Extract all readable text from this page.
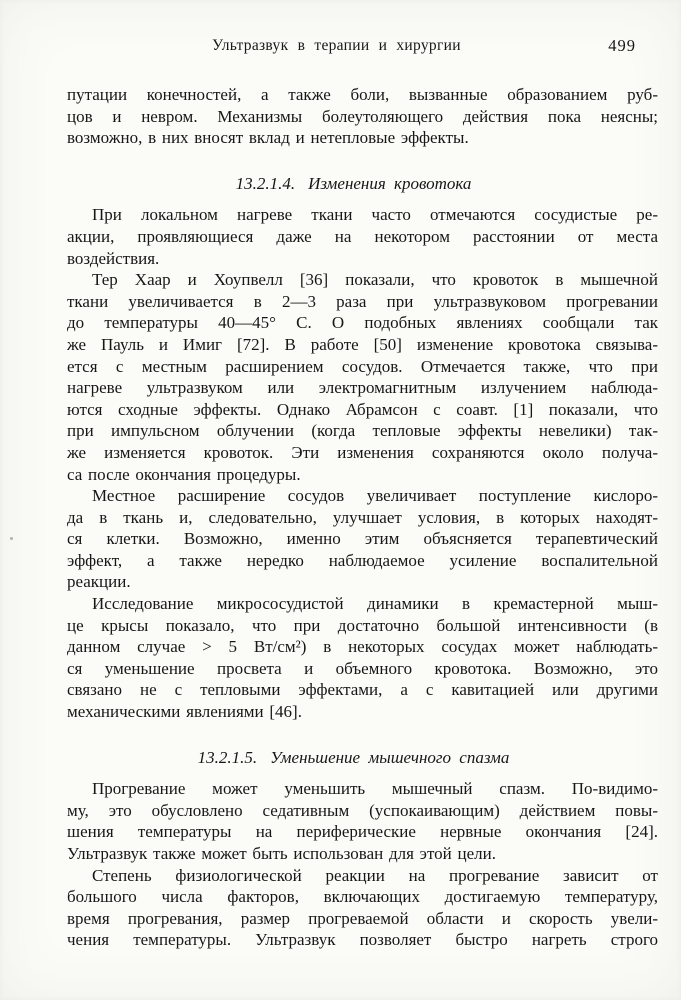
Ультразвук в терапии и хирургии	499
путации конечностей, а также боли, вызванные образованием руб-
цов и невром. Механизмы болеутоляющего действия пока неясны;
возможно, в них вносят вклад и нетепловые эффекты.
13.2.1.4. Изменения кровотока
При локальном нагреве ткани часто отмечаются сосудистые ре-
акции, проявляющиеся даже на некотором расстоянии от места
воздействия.
Тер Хаар и Хоупвелл [36] показали, что кровоток в мышечной
ткани увеличивается в 2—3 раза при ультразвуковом прогревании
до температуры 40—45° С. О подобных явлениях сообщали так
же Пауль и Имиг [72]. В работе [50] изменение кровотока связыва-
ется с местным расширением сосудов. Отмечается также, что при
нагреве ультразвуком или электромагнитным излучением наблюда-
ются сходные эффекты. Однако Абрамсон с соавт. [1] показали, что
при импульсном облучении (когда тепловые эффекты невелики) так-
же изменяется кровоток. Эти изменения сохраняются около получа-
са после окончания процедуры.
Местное расширение сосудов увеличивает поступление кислоро-
да в ткань и, следовательно, улучшает условия, в которых находят-
ся клетки. Возможно, именно этим объясняется терапевтический
эффект, а также нередко наблюдаемое усиление воспалительной
реакции.
Исследование микрососудистой динамики в кремастерной мыш-
це крысы показало, что при достаточно большой интенсивности (в
данном случае > 5 Вт/см²) в некоторых сосудах может наблюдать-
ся уменьшение просвета и объемного кровотока. Возможно, это
связано не с тепловыми эффектами, а с кавитацией или другими
механическими явлениями [46].
13.2.1.5. Уменьшение мышечного спазма
Прогревание может уменьшить мышечный спазм. По-видимо-
му, это обусловлено седативным (успокаивающим) действием повы-
шения температуры на периферические нервные окончания [24].
Ультразвук также может быть использован для этой цели.
Степень физиологической реакции на прогревание зависит от
большого числа факторов, включающих достигаемую температуру,
время прогревания, размер прогреваемой области и скорость увели-
чения температуры. Ультразвук позволяет быстро нагреть строго
